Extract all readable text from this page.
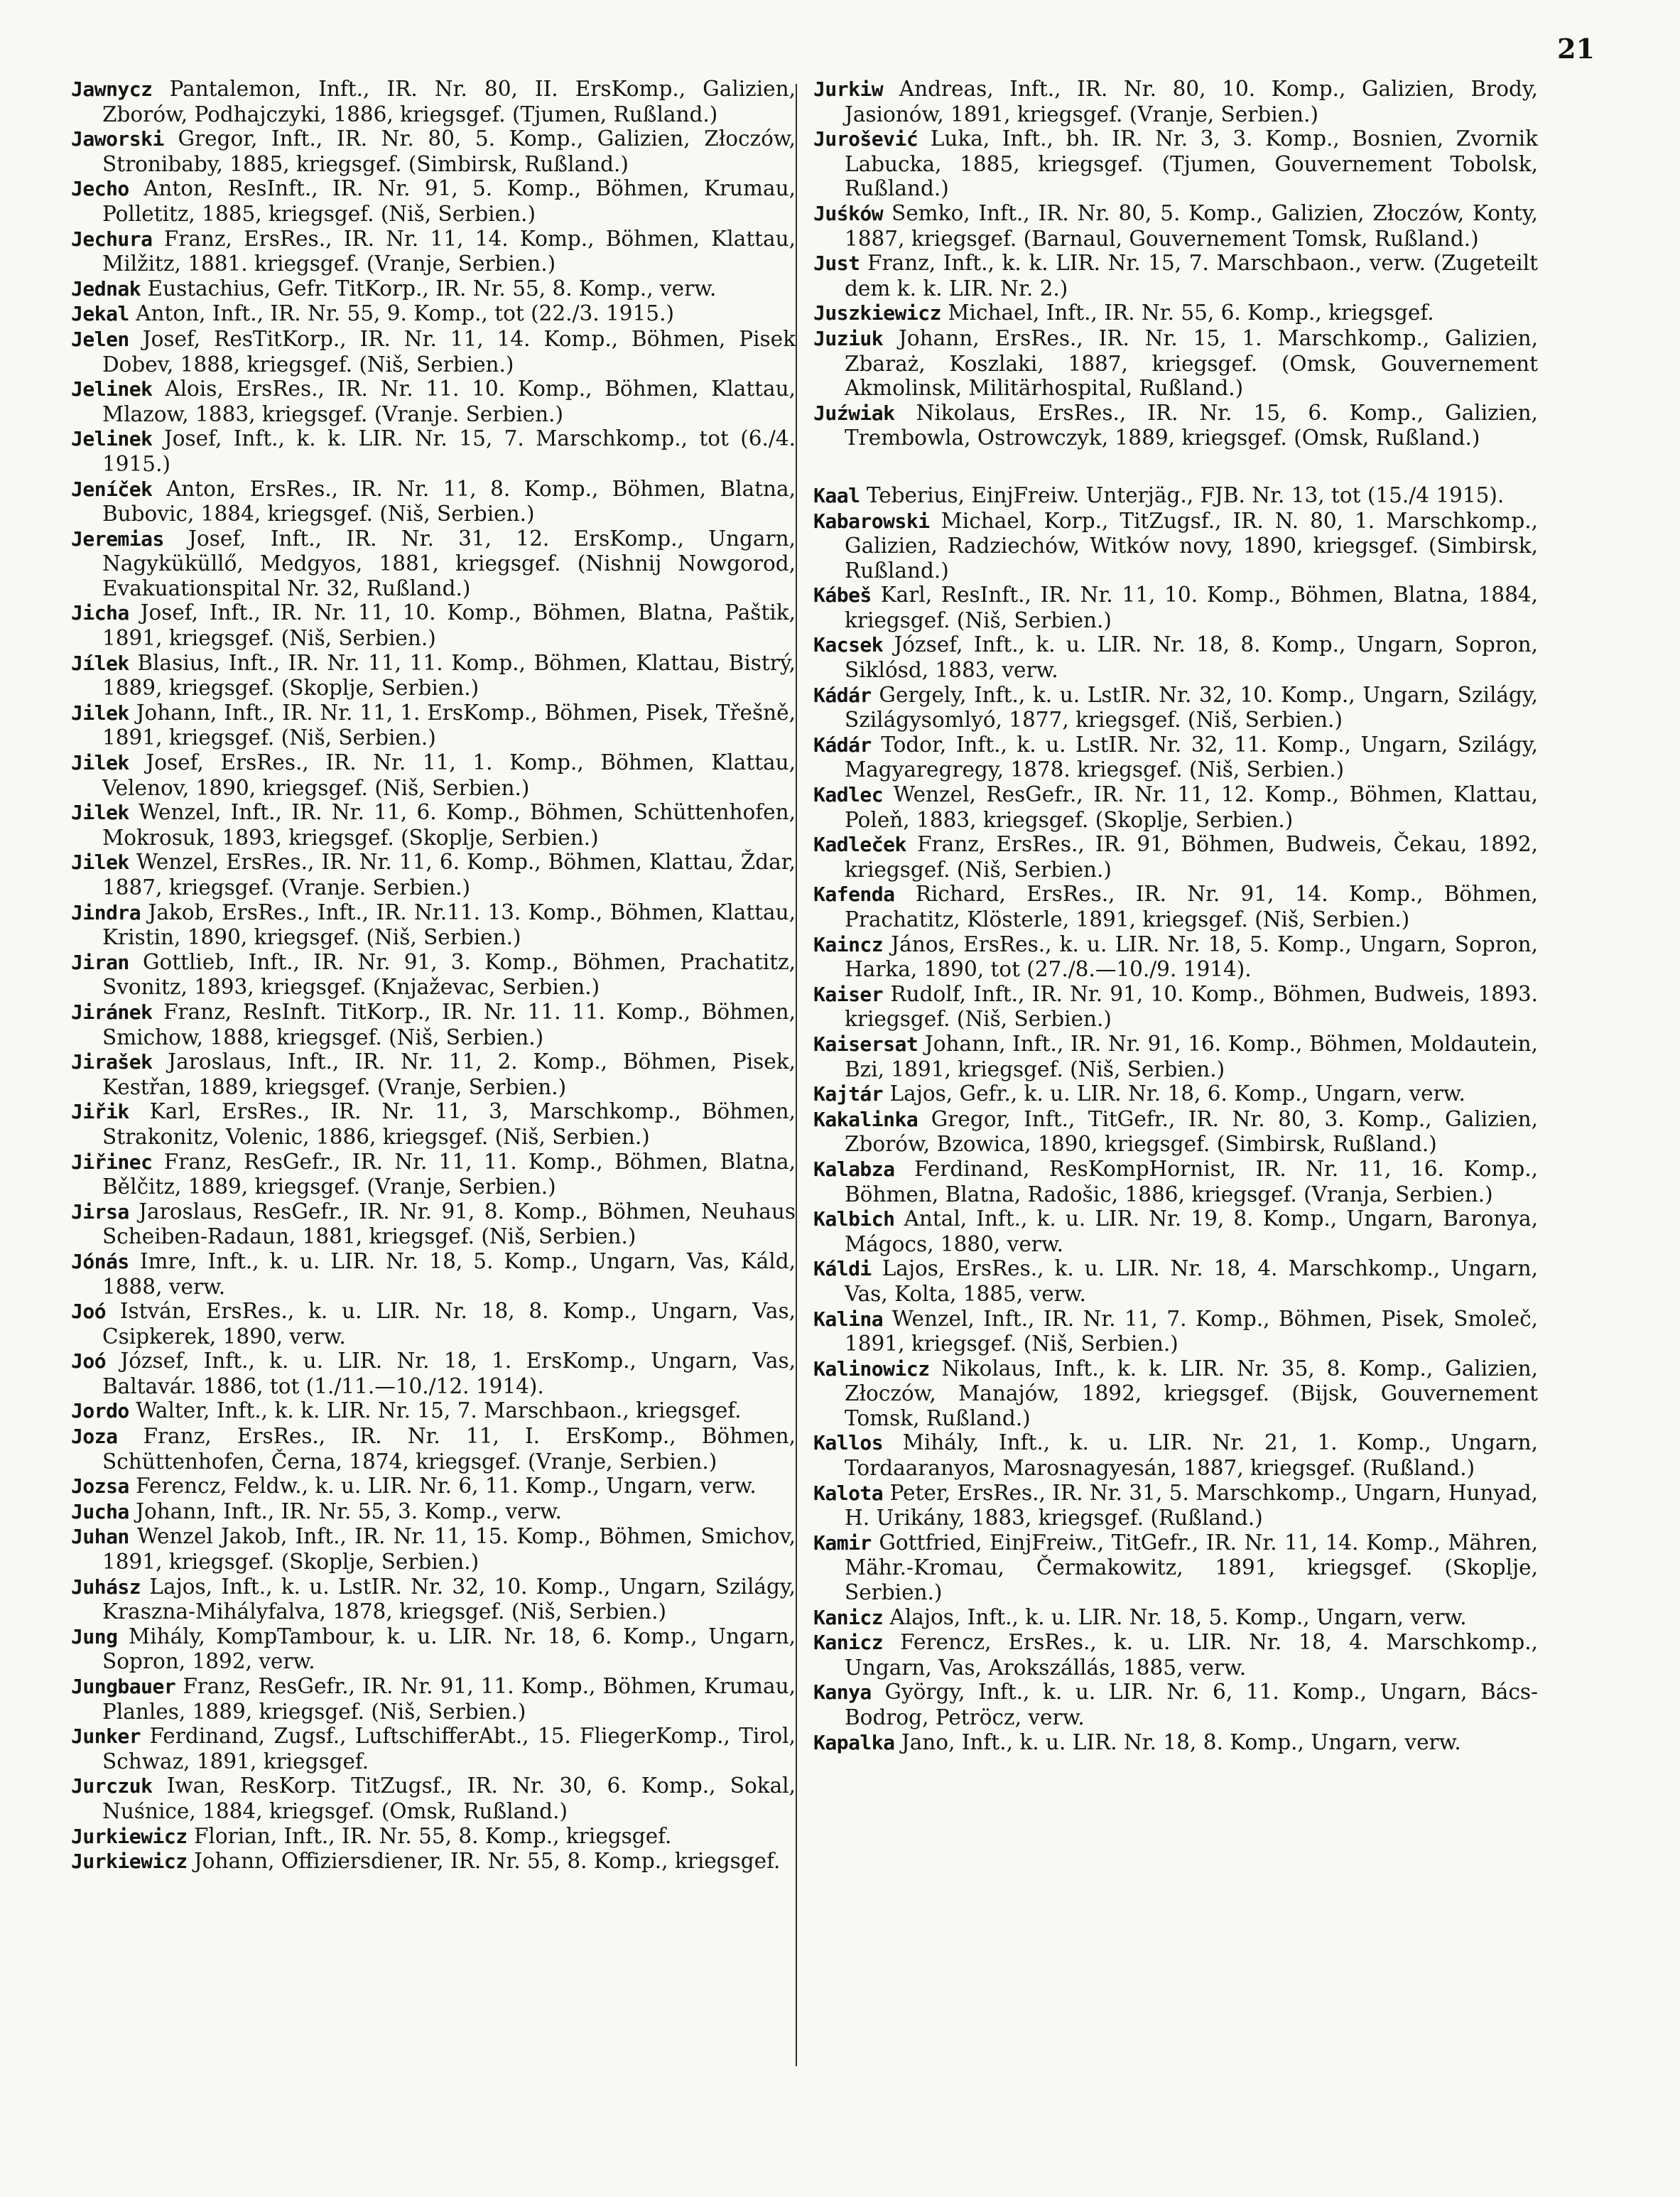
21

Jawnycz Pantalemon, Inft., IR. Nr. 80, II. ErsKomp., Galizien, Zborów, Podhajczyki, 1886, kriegsgef. (Tjumen, Rußland.)

Jaworski Gregor, Inft., IR. Nr. 80, 5. Komp., Galizien, Złoczów, Stronibaby, 1885, kriegsgef. (Simbirsk, Rußland.)

Jecho Anton, ResInft., IR. Nr. 91, 5. Komp., Böhmen, Krumau, Polletitz, 1885, kriegsgef. (Niš, Serbien.)

Jechura Franz, ErsRes., IR. Nr. 11, 14. Komp., Böhmen, Klattau, Milžitz, 1881. kriegsgef. (Vranje, Serbien.)

Jednak Eustachius, Gefr. TitKorp., IR. Nr. 55, 8. Komp., verw.

Jekal Anton, Inft., IR. Nr. 55, 9. Komp., tot (22./3. 1915.)

Jelen Josef, ResTitKorp., IR. Nr. 11, 14. Komp., Böhmen, Pisek Dobev, 1888, kriegsgef. (Niš, Serbien.)

Jelinek Alois, ErsRes., IR. Nr. 11. 10. Komp., Böhmen, Klattau, Mlazow, 1883, kriegsgef. (Vranje. Serbien.)

Jelinek Josef, Inft., k. k. LIR. Nr. 15, 7. Marschkomp., tot (6./4. 1915.)

Jeníček Anton, ErsRes., IR. Nr. 11, 8. Komp., Böhmen, Blatna, Bubovic, 1884, kriegsgef. (Niš, Serbien.)

Jeremias Josef, Inft., IR. Nr. 31, 12. ErsKomp., Ungarn, Nagyküküllő, Medgyos, 1881, kriegsgef. (Nishnij Nowgorod, Evakuationspital Nr. 32, Rußland.)

Jicha Josef, Inft., IR. Nr. 11, 10. Komp., Böhmen, Blatna, Paštik, 1891, kriegsgef. (Niš, Serbien.)

Jílek Blasius, Inft., IR. Nr. 11, 11. Komp., Böhmen, Klattau, Bistrý, 1889, kriegsgef. (Skoplje, Serbien.)

Jilek Johann, Inft., IR. Nr. 11, 1. ErsKomp., Böhmen, Pisek, Třešně, 1891, kriegsgef. (Niš, Serbien.)

Jilek Josef, ErsRes., IR. Nr. 11, 1. Komp., Böhmen, Klattau, Velenov, 1890, kriegsgef. (Niš, Serbien.)

Jilek Wenzel, Inft., IR. Nr. 11, 6. Komp., Böhmen, Schüttenhofen, Mokrosuk, 1893, kriegsgef. (Skoplje, Serbien.)

Jilek Wenzel, ErsRes., IR. Nr. 11, 6. Komp., Böhmen, Klattau, Ždar, 1887, kriegsgef. (Vranje. Serbien.)

Jindra Jakob, ErsRes., Inft., IR. Nr.11. 13. Komp., Böhmen, Klattau, Kristin, 1890, kriegsgef. (Niš, Serbien.)

Jiran Gottlieb, Inft., IR. Nr. 91, 3. Komp., Böhmen, Prachatitz, Svonitz, 1893, kriegsgef. (Knjaževac, Serbien.)

Jiránek Franz, ResInft. TitKorp., IR. Nr. 11. 11. Komp., Böhmen, Smichow, 1888, kriegsgef. (Niš, Serbien.)

Jirašek Jaroslaus, Inft., IR. Nr. 11, 2. Komp., Böhmen, Pisek, Kestřan, 1889, kriegsgef. (Vranje, Serbien.)

Jiřik Karl, ErsRes., IR. Nr. 11, 3, Marschkomp., Böhmen, Strakonitz, Volenic, 1886, kriegsgef. (Niš, Serbien.)

Jiřinec Franz, ResGefr., IR. Nr. 11, 11. Komp., Böhmen, Blatna, Bělčitz, 1889, kriegsgef. (Vranje, Serbien.)

Jirsa Jaroslaus, ResGefr., IR. Nr. 91, 8. Komp., Böhmen, Neuhaus Scheiben-Radaun, 1881, kriegsgef. (Niš, Serbien.)

Jónás Imre, Inft., k. u. LIR. Nr. 18, 5. Komp., Ungarn, Vas, Káld, 1888, verw.

Joó István, ErsRes., k. u. LIR. Nr. 18, 8. Komp., Ungarn, Vas, Csipkerek, 1890, verw.

Joó József, Inft., k. u. LIR. Nr. 18, 1. ErsKomp., Ungarn, Vas, Baltavár. 1886, tot (1./11.—10./12. 1914).

Jordo Walter, Inft., k. k. LIR. Nr. 15, 7. Marschbaon., kriegsgef.

Joza Franz, ErsRes., IR. Nr. 11, I. ErsKomp., Böhmen, Schüttenhofen, Černa, 1874, kriegsgef. (Vranje, Serbien.)

Jozsa Ferencz, Feldw., k. u. LIR. Nr. 6, 11. Komp., Ungarn, verw.

Jucha Johann, Inft., IR. Nr. 55, 3. Komp., verw.

Juhan Wenzel Jakob, Inft., IR. Nr. 11, 15. Komp., Böhmen, Smichov, 1891, kriegsgef. (Skoplje, Serbien.)

Juhász Lajos, Inft., k. u. LstIR. Nr. 32, 10. Komp., Ungarn, Szilágy, Kraszna-Mihályfalva, 1878, kriegsgef. (Niš, Serbien.)

Jung Mihály, KompTambour, k. u. LIR. Nr. 18, 6. Komp., Ungarn, Sopron, 1892, verw.

Jungbauer Franz, ResGefr., IR. Nr. 91, 11. Komp., Böhmen, Krumau, Planles, 1889, kriegsgef. (Niš, Serbien.)

Junker Ferdinand, Zugsf., LuftschifferAbt., 15. FliegerKomp., Tirol, Schwaz, 1891, kriegsgef.

Jurczuk Iwan, ResKorp. TitZugsf., IR. Nr. 30, 6. Komp., Sokal, Nuśnice, 1884, kriegsgef. (Omsk, Rußland.)

Jurkiewicz Florian, Inft., IR. Nr. 55, 8. Komp., kriegsgef.

Jurkiewicz Johann, Offiziersdiener, IR. Nr. 55, 8. Komp., kriegsgef.

Jurkiw Andreas, Inft., IR. Nr. 80, 10. Komp., Galizien, Brody, Jasionów, 1891, kriegsgef. (Vranje, Serbien.)

Jurošević Luka, Inft., bh. IR. Nr. 3, 3. Komp., Bosnien, Zvornik Labucka, 1885, kriegsgef. (Tjumen, Gouvernement Tobolsk, Rußland.)

Juśków Semko, Inft., IR. Nr. 80, 5. Komp., Galizien, Złoczów, Konty, 1887, kriegsgef. (Barnaul, Gouvernement Tomsk, Rußland.)

Just Franz, Inft., k. k. LIR. Nr. 15, 7. Marschbaon., verw. (Zugeteilt dem k. k. LIR. Nr. 2.)

Juszkiewicz Michael, Inft., IR. Nr. 55, 6. Komp., kriegsgef.

Juziuk Johann, ErsRes., IR. Nr. 15, 1. Marschkomp., Galizien, Zbaraż, Koszlaki, 1887, kriegsgef. (Omsk, Gouvernement Akmolinsk, Militärhospital, Rußland.)

Juźwiak Nikolaus, ErsRes., IR. Nr. 15, 6. Komp., Galizien, Trembowla, Ostrowczyk, 1889, kriegsgef. (Omsk, Rußland.)

Kaal Teberius, EinjFreiw. Unterjäg., FJB. Nr. 13, tot (15./4 1915).

Kabarowski Michael, Korp., TitZugsf., IR. N. 80, 1. Marschkomp., Galizien, Radziechów, Witków novy, 1890, kriegsgef. (Simbirsk, Rußland.)

Kábeš Karl, ResInft., IR. Nr. 11, 10. Komp., Böhmen, Blatna, 1884, kriegsgef. (Niš, Serbien.)

Kacsek József, Inft., k. u. LIR. Nr. 18, 8. Komp., Ungarn, Sopron, Siklósd, 1883, verw.

Kádár Gergely, Inft., k. u. LstIR. Nr. 32, 10. Komp., Ungarn, Szilágy, Szilágysomlyó, 1877, kriegsgef. (Niš, Serbien.)

Kádár Todor, Inft., k. u. LstIR. Nr. 32, 11. Komp., Ungarn, Szilágy, Magyaregregy, 1878. kriegsgef. (Niš, Serbien.)

Kadlec Wenzel, ResGefr., IR. Nr. 11, 12. Komp., Böhmen, Klattau, Poleň, 1883, kriegsgef. (Skoplje, Serbien.)

Kadleček Franz, ErsRes., IR. 91, Böhmen, Budweis, Čekau, 1892, kriegsgef. (Niš, Serbien.)

Kafenda Richard, ErsRes., IR. Nr. 91, 14. Komp., Böhmen, Prachatitz, Klösterle, 1891, kriegsgef. (Niš, Serbien.)

Kaincz János, ErsRes., k. u. LIR. Nr. 18, 5. Komp., Ungarn, Sopron, Harka, 1890, tot (27./8.—10./9. 1914).

Kaiser Rudolf, Inft., IR. Nr. 91, 10. Komp., Böhmen, Budweis, 1893. kriegsgef. (Niš, Serbien.)

Kaisersat Johann, Inft., IR. Nr. 91, 16. Komp., Böhmen, Moldautein, Bzi, 1891, kriegsgef. (Niš, Serbien.)

Kajtár Lajos, Gefr., k. u. LIR. Nr. 18, 6. Komp., Ungarn, verw.

Kakalinka Gregor, Inft., TitGefr., IR. Nr. 80, 3. Komp., Galizien, Zborów, Bzowica, 1890, kriegsgef. (Simbirsk, Rußland.)

Kalabza Ferdinand, ResKompHornist, IR. Nr. 11, 16. Komp., Böhmen, Blatna, Radošic, 1886, kriegsgef. (Vranja, Serbien.)

Kalbich Antal, Inft., k. u. LIR. Nr. 19, 8. Komp., Ungarn, Baronya, Mágocs, 1880, verw.

Káldi Lajos, ErsRes., k. u. LIR. Nr. 18, 4. Marschkomp., Ungarn, Vas, Kolta, 1885, verw.

Kalina Wenzel, Inft., IR. Nr. 11, 7. Komp., Böhmen, Pisek, Smoleč, 1891, kriegsgef. (Niš, Serbien.)

Kalinowicz Nikolaus, Inft., k. k. LIR. Nr. 35, 8. Komp., Galizien, Złoczów, Manajów, 1892, kriegsgef. (Bijsk, Gouvernement Tomsk, Rußland.)

Kallos Mihály, Inft., k. u. LIR. Nr. 21, 1. Komp., Ungarn, Tordaaranyos, Marosnagyesán, 1887, kriegsgef. (Rußland.)

Kalota Peter, ErsRes., IR. Nr. 31, 5. Marschkomp., Ungarn, Hunyad, H. Urikány, 1883, kriegsgef. (Rußland.)

Kamir Gottfried, EinjFreiw., TitGefr., IR. Nr. 11, 14. Komp., Mähren, Mähr.-Kromau, Čermakowitz, 1891, kriegsgef. (Skoplje, Serbien.)

Kanicz Alajos, Inft., k. u. LIR. Nr. 18, 5. Komp., Ungarn, verw.

Kanicz Ferencz, ErsRes., k. u. LIR. Nr. 18, 4. Marschkomp., Ungarn, Vas, Arokszállás, 1885, verw.

Kanya György, Inft., k. u. LIR. Nr. 6, 11. Komp., Ungarn, Bács-Bodrog, Petröcz, verw.

Kapalka Jano, Inft., k. u. LIR. Nr. 18, 8. Komp., Ungarn, verw.
